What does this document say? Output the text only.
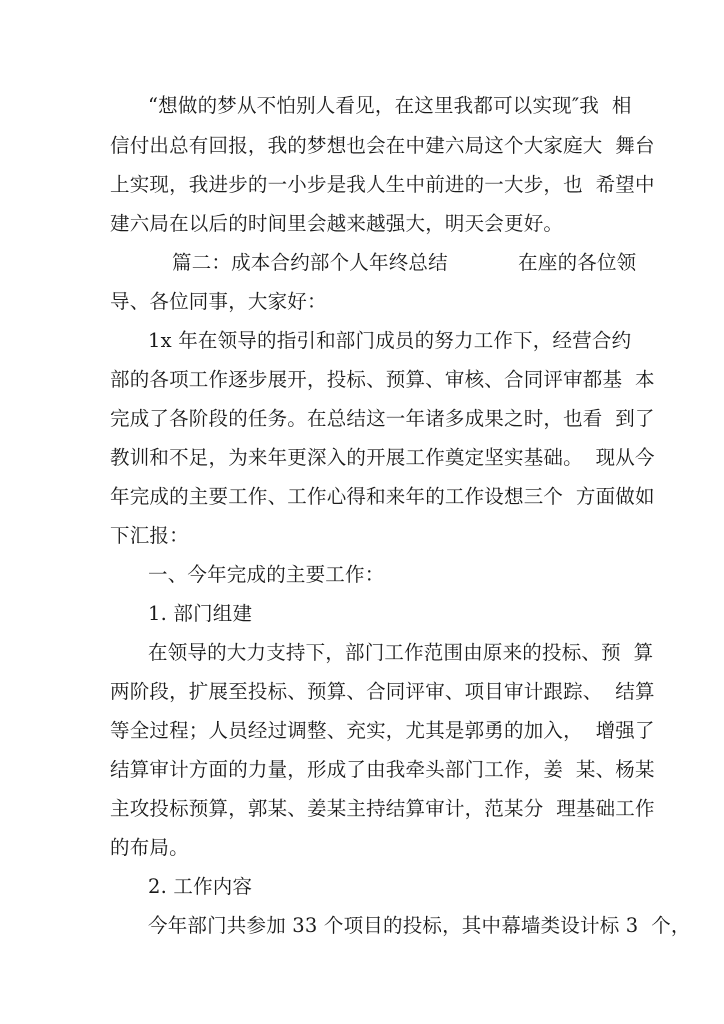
“想做的梦从不怕别人看见，在这里我都可以实现″我  相
信付出总有回报，我的梦想也会在中建六局这个大家庭大  舞台
上实现，我进步的一小步是我人生中前进的一大步，也  希望中
建六局在以后的时间里会越来越强大，明天会更好。
篇二：成本合约部个人年终总结           在座的各位领
导、各位同事，大家好：
1x 年在领导的指引和部门成员的努力工作下，经营合约
部的各项工作逐步展开，投标、预算、审核、合同评审都基  本
完成了各阶段的任务。在总结这一年诸多成果之时，也看  到了
教训和不足，为来年更深入的开展工作奠定坚实基础。  现从今
年完成的主要工作、工作心得和来年的工作设想三个  方面做如
下汇报：
一、今年完成的主要工作：
1. 部门组建
在领导的大力支持下，部门工作范围由原来的投标、预  算
两阶段，扩展至投标、预算、合同评审、项目审计跟踪、  结算
等全过程；人员经过调整、充实，尤其是郭勇的加入，  增强了
结算审计方面的力量，形成了由我牵头部门工作，姜  某、杨某
主攻投标预算，郭某、姜某主持结算审计，范某分  理基础工作
的布局。
2. 工作内容
今年部门共参加 33 个项目的投标，其中幕墙类设计标 3  个，
